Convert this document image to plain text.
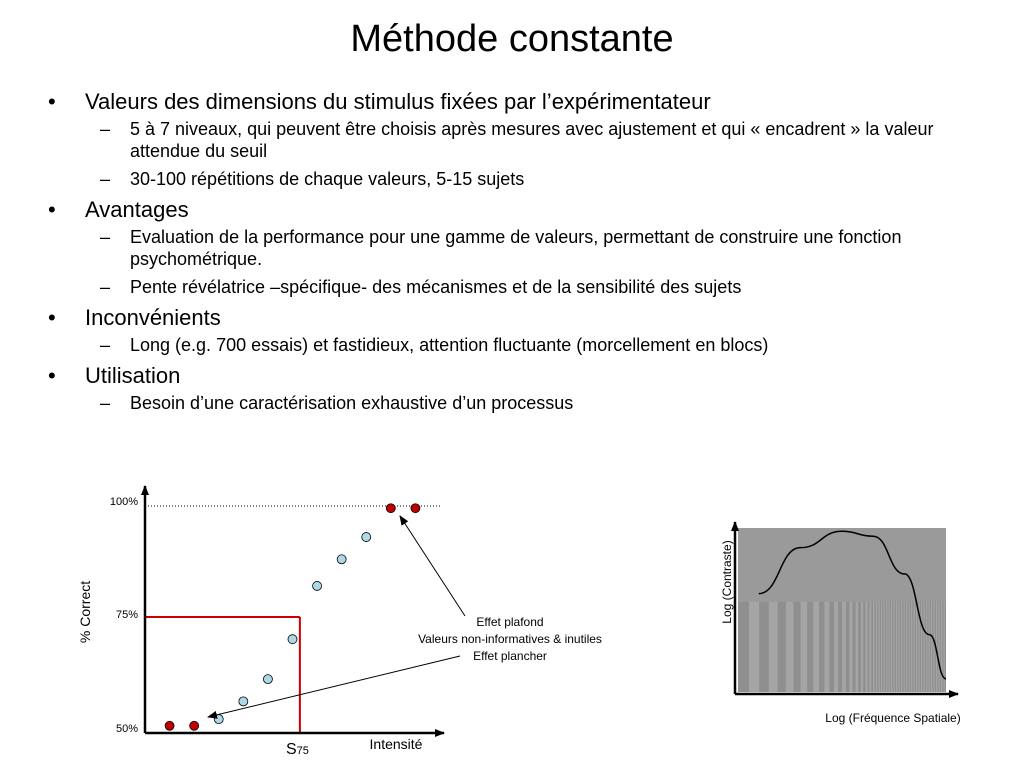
Méthode constante
• Valeurs des dimensions du stimulus fixées par l’expérimentateur
– 5 à 7 niveaux, qui peuvent être choisis après mesures avec ajustement et qui « encadrent » la valeur attendue du seuil
– 30-100 répétitions de chaque valeurs, 5-15 sujets
• Avantages
– Evaluation de la performance pour une gamme de valeurs, permettant de construire une fonction psychométrique.
– Pente révélatrice –spécifique- des mécanismes et de la sensibilité des sujets
• Inconvénients
– Long (e.g. 700 essais) et fastidieux, attention fluctuante (morcellement en blocs)
• Utilisation
– Besoin d’une caractérisation exhaustive d’un processus
100%
75%
50%
% Correct
Intensité
S75
Effet plafond
Valeurs non-informatives & inutiles
Effet plancher
Log (Fréquence Spatiale)
Log (Contraste)
